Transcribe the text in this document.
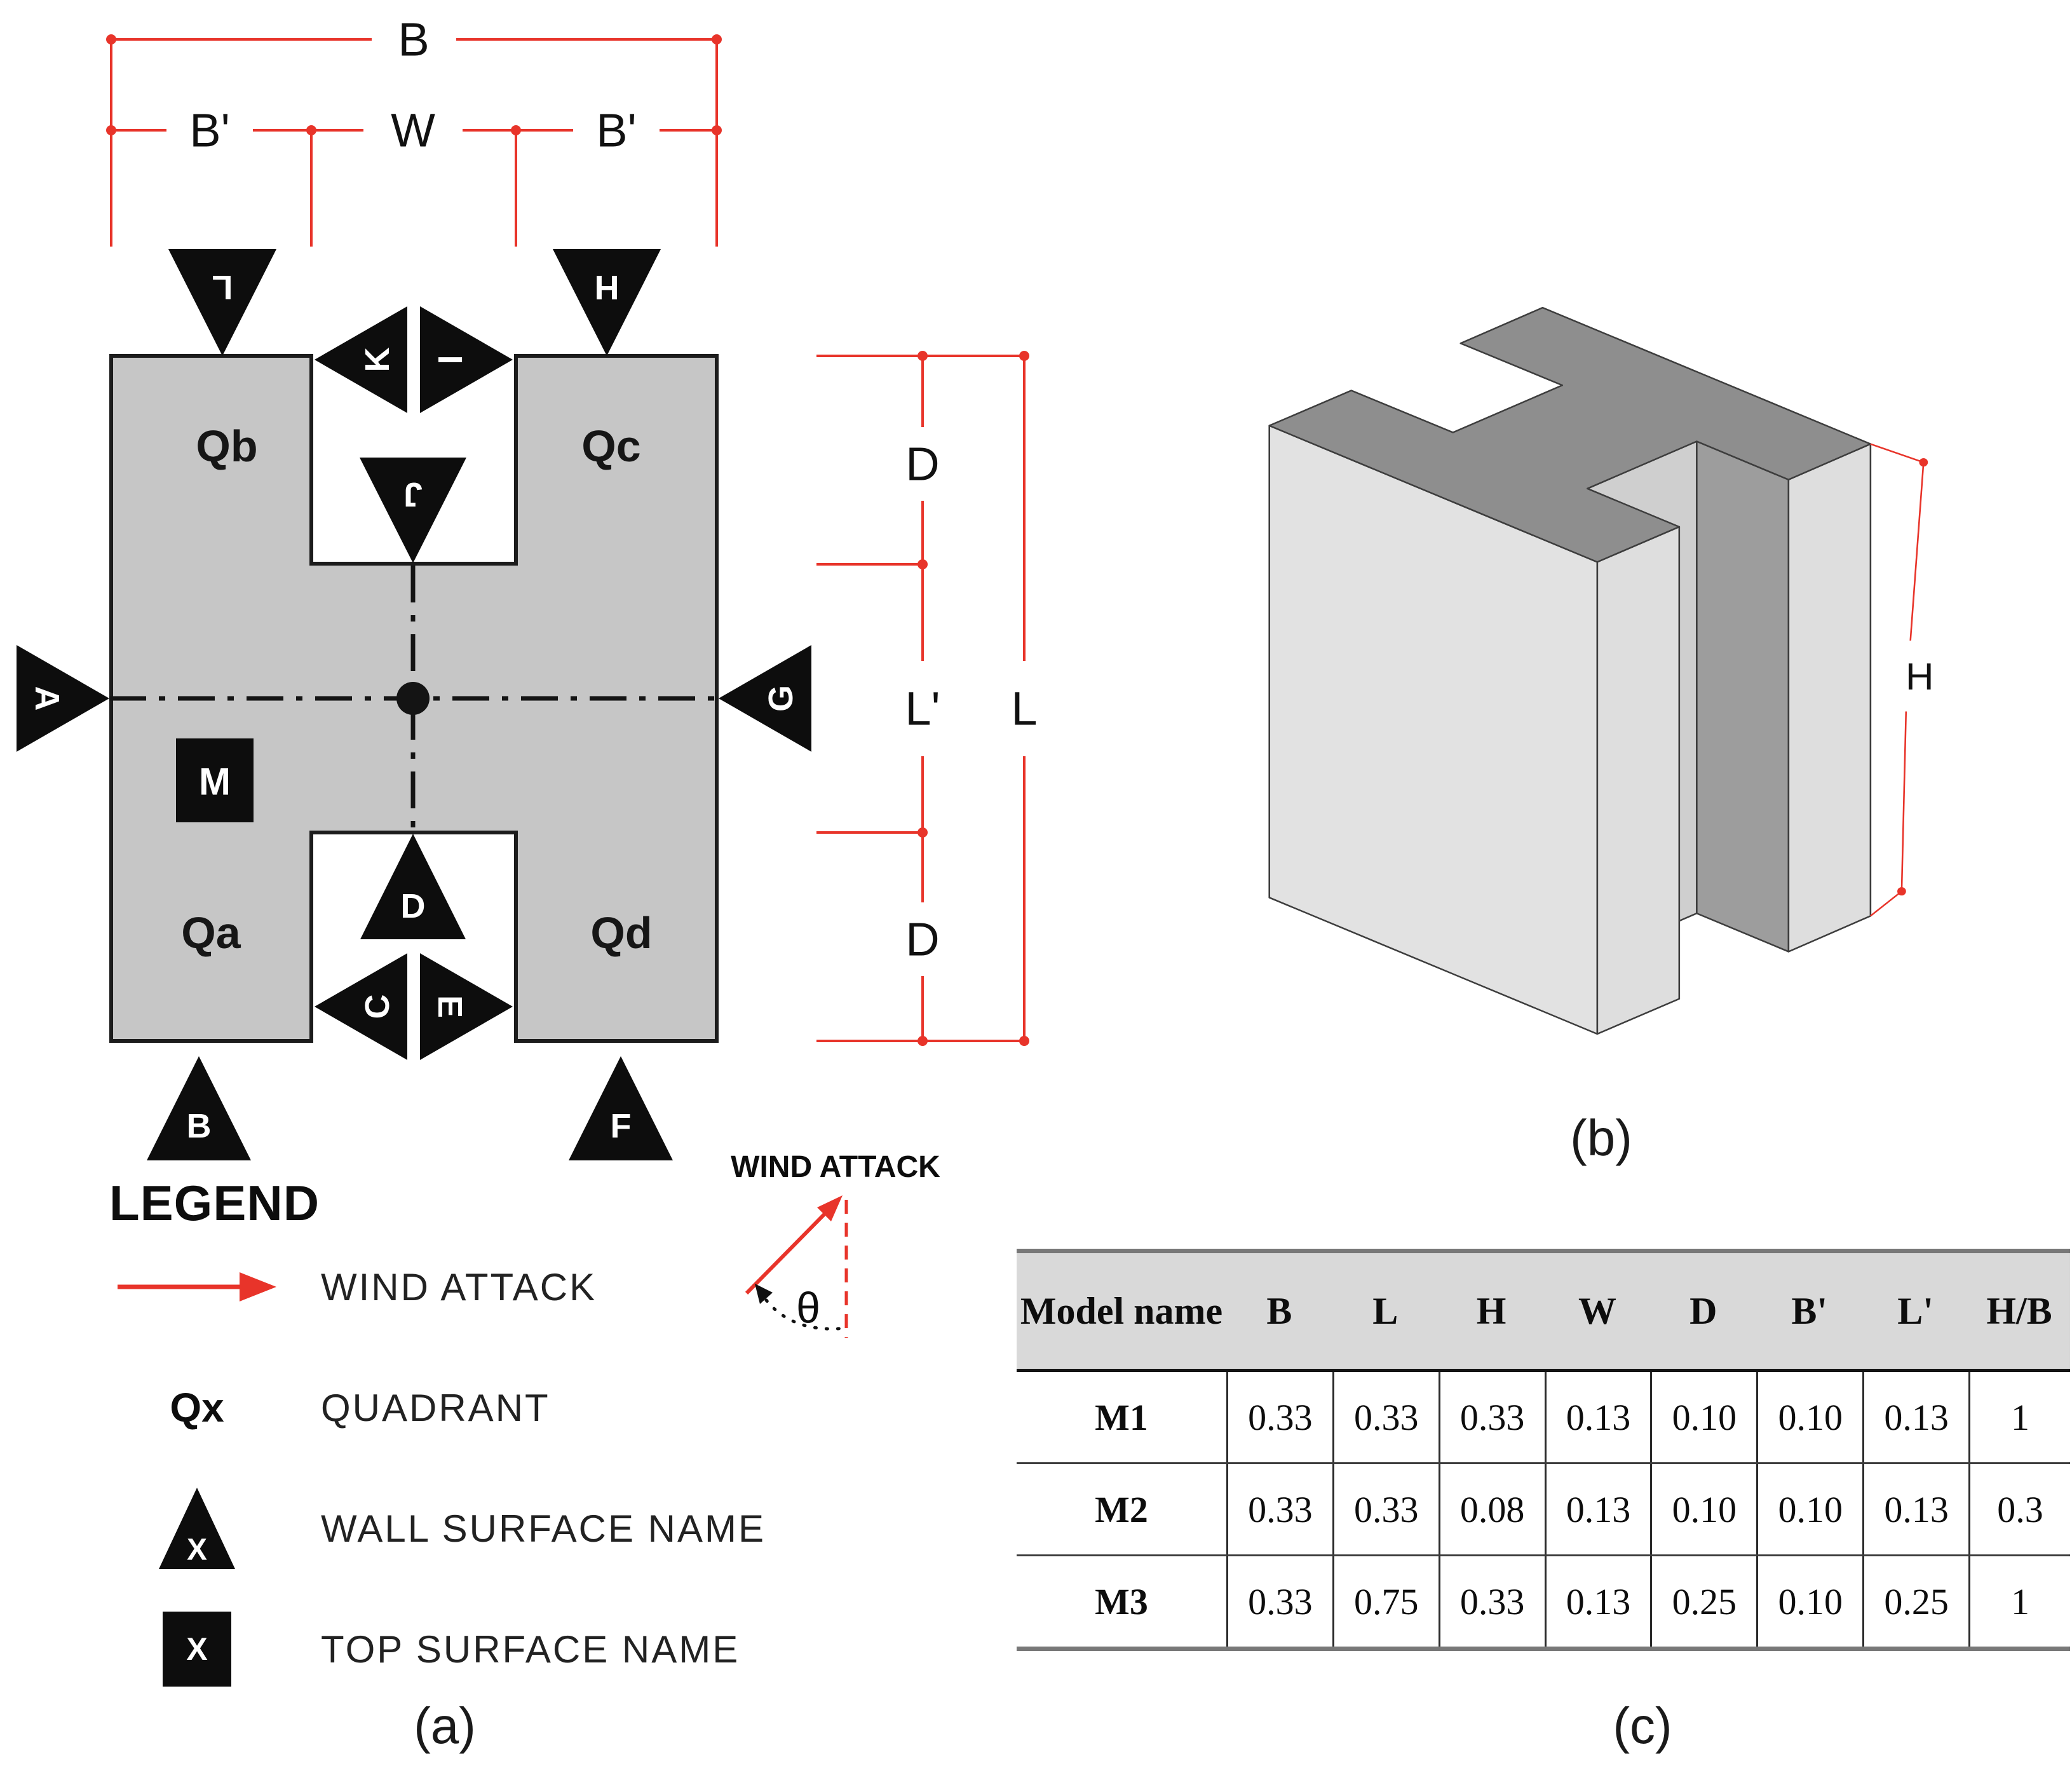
B
B'	W	B'
Qb	Qc
Qa	Qd
M
L	H
K I
J
A	G
D
C E
B	F
D
L'
D
L
LEGEND
WIND ATTACK
Qx	QUADRANT
X
WALL SURFACE NAME
X	TOP SURFACE NAME
WIND ATTACK
θ
H
Model name	B	L	H	W	D	B'	L'	H/B
M1	0.33	0.33	0.33	0.13	0.10	0.10	0.13	1
M2	0.33	0.33	0.08	0.13	0.10	0.10	0.13	0.3
M3	0.33	0.75	0.33	0.13	0.25	0.10	0.25	1
(a)
(b)
(c)
